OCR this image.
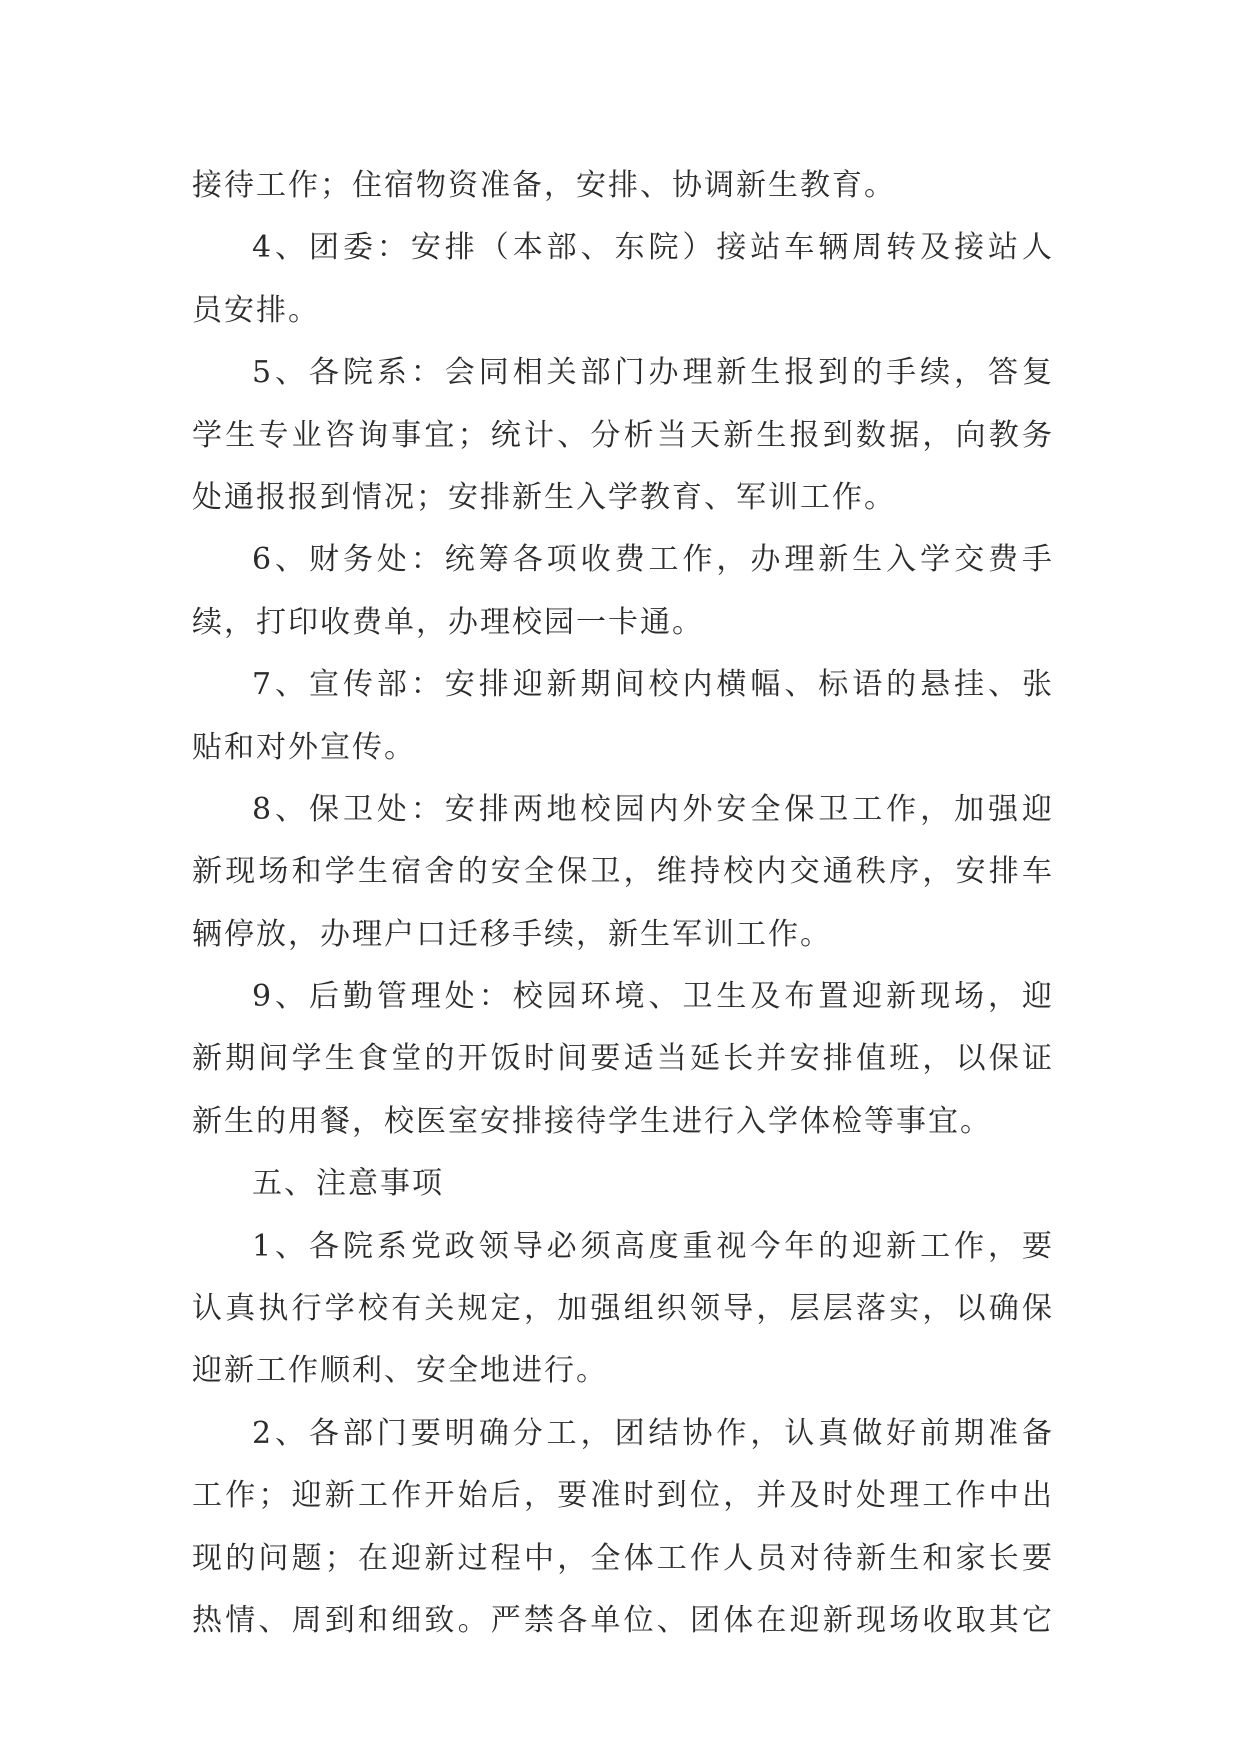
接待工作；住宿物资准备，安排、协调新生教育。
4、团委：安排（本部、东院）接站车辆周转及接站人
员安排。
5、各院系：会同相关部门办理新生报到的手续，答复
学生专业咨询事宜；统计、分析当天新生报到数据，向教务
处通报报到情况；安排新生入学教育、军训工作。
6、财务处：统筹各项收费工作，办理新生入学交费手
续，打印收费单，办理校园一卡通。
7、宣传部：安排迎新期间校内横幅、标语的悬挂、张
贴和对外宣传。
8、保卫处：安排两地校园内外安全保卫工作，加强迎
新现场和学生宿舍的安全保卫，维持校内交通秩序，安排车
辆停放，办理户口迁移手续，新生军训工作。
9、后勤管理处：校园环境、卫生及布置迎新现场，迎
新期间学生食堂的开饭时间要适当延长并安排值班，以保证
新生的用餐，校医室安排接待学生进行入学体检等事宜。
五、注意事项
1、各院系党政领导必须高度重视今年的迎新工作，要
认真执行学校有关规定，加强组织领导，层层落实，以确保
迎新工作顺利、安全地进行。
2、各部门要明确分工，团结协作，认真做好前期准备
工作；迎新工作开始后，要准时到位，并及时处理工作中出
现的问题；在迎新过程中，全体工作人员对待新生和家长要
热情、周到和细致。严禁各单位、团体在迎新现场收取其它
